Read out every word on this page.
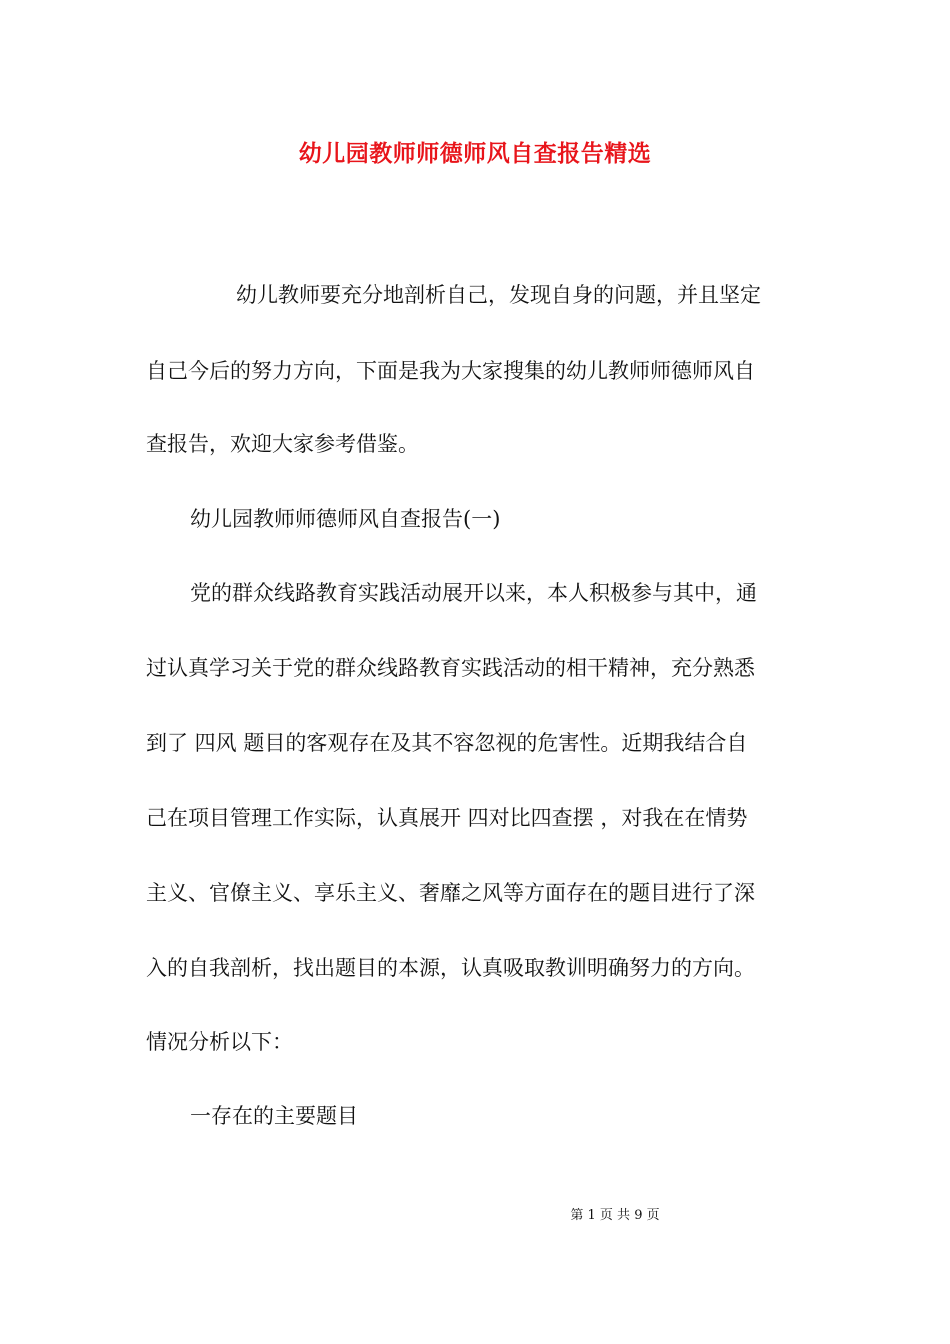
幼儿园教师师德师风自查报告精选
幼儿教师要充分地剖析自己，发现自身的问题，并且坚定
自己今后的努力方向，下面是我为大家搜集的幼儿教师师德师风自
查报告，欢迎大家参考借鉴。
幼儿园教师师德师风自查报告(一)
党的群众线路教育实践活动展开以来，本人积极参与其中，通
过认真学习关于党的群众线路教育实践活动的相干精神，充分熟悉
到了 四风 题目的客观存在及其不容忽视的危害性。近期我结合自
己在项目管理工作实际，认真展开 四对比四查摆 ，对我在在情势
主义、官僚主义、享乐主义、奢靡之风等方面存在的题目进行了深
入的自我剖析，找出题目的本源，认真吸取教训明确努力的方向。
情况分析以下：
一存在的主要题目
第 1 页 共 9 页
